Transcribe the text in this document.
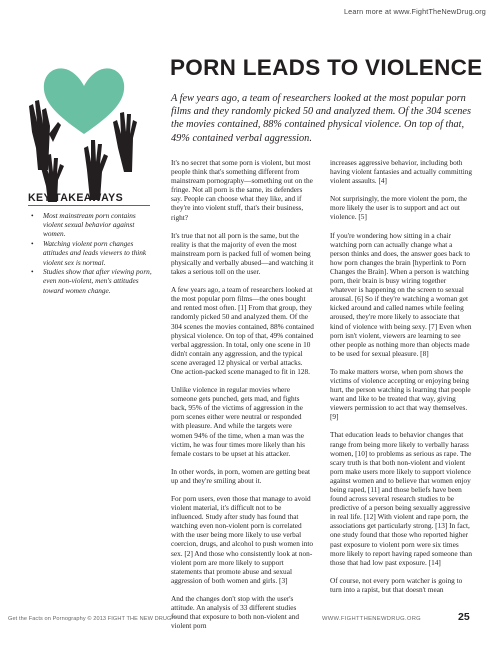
Learn more at www.FightTheNewDrug.org
PORN LEADS TO VIOLENCE
A few years ago, a team of researchers looked at the most popular porn films and they randomly picked 50 and analyzed them. Of the 304 scenes the movies contained, 88% contained physical violence. On top of that, 49% contained verbal aggression.
KEY TAKEAWAYS
• Most mainstream porn contains violent sexual behavior against women.
• Watching violent porn changes attitudes and leads viewers to think violent sex is normal.
• Studies show that after viewing porn, even non-violent, men's attitudes toward women change.

It's no secret that some porn is violent, but most people think that's something different from mainstream pornography—something out on the fringe. Not all porn is the same, its defenders say. People can choose what they like, and if they're into violent stuff, that's their business, right?

It's true that not all porn is the same, but the reality is that the majority of even the most mainstream porn is packed full of women being physically and verbally abused—and watching it takes a serious toll on the user.

A few years ago, a team of researchers looked at the most popular porn films—the ones bought and rented most often. [1] From that group, they randomly picked 50 and analyzed them. Of the 304 scenes the movies contained, 88% contained physical violence. On top of that, 49% contained verbal aggression. In total, only one scene in 10 didn't contain any aggression, and the typical scene averaged 12 physical or verbal attacks. One action-packed scene managed to fit in 128.

Unlike violence in regular movies where someone gets punched, gets mad, and fights back, 95% of the victims of aggression in the porn scenes either were neutral or responded with pleasure. And while the targets were women 94% of the time, when a man was the victim, he was four times more likely than his female costars to be upset at his attacker.

In other words, in porn, women are getting beat up and they're smiling about it.

For porn users, even those that manage to avoid violent material, it's difficult not to be influenced. Study after study has found that watching even non-violent porn is correlated with the user being more likely to use verbal coercion, drugs, and alcohol to push women into sex. [2] And those who consistently look at non-violent porn are more likely to support statements that promote abuse and sexual aggression of both women and girls. [3]

And the changes don't stop with the user's attitude. An analysis of 33 different studies found that exposure to both non-violent and violent porn

increases aggressive behavior, including both having violent fantasies and actually committing violent assaults. [4]

Not surprisingly, the more violent the porn, the more likely the user is to support and act out violence. [5]

If you're wondering how sitting in a chair watching porn can actually change what a person thinks and does, the answer goes back to how porn changes the brain [hyperlink to Porn Changes the Brain]. When a person is watching porn, their brain is busy wiring together whatever is happening on the screen to sexual arousal. [6] So if they're watching a woman get kicked around and called names while feeling aroused, they're more likely to associate that kind of violence with being sexy. [7] Even when porn isn't violent, viewers are learning to see other people as nothing more than objects made to be used for sexual pleasure. [8]

To make matters worse, when porn shows the victims of violence accepting or enjoying being hurt, the person watching is learning that people want and like to be treated that way, giving viewers permission to act that way themselves. [9]

That education leads to behavior changes that range from being more likely to verbally harass women, [10] to problems as serious as rape. The scary truth is that both non-violent and violent porn make users more likely to support violence against women and to believe that women enjoy being raped, [11] and those beliefs have been found across several research studies to be predictive of a person being sexually aggressive in real life. [12] With violent and rape porn, the associations get particularly strong. [13] In fact, one study found that those who reported higher past exposure to violent porn were six times more likely to report having raped someone than those that had low past exposure. [14]

Of course, not every porn watcher is going to turn into a rapist, but that doesn't mean

Get the Facts on Pornography © 2013 FIGHT THE NEW DRUG™	WWW.FIGHTTHENEWDRUG.ORG	25
